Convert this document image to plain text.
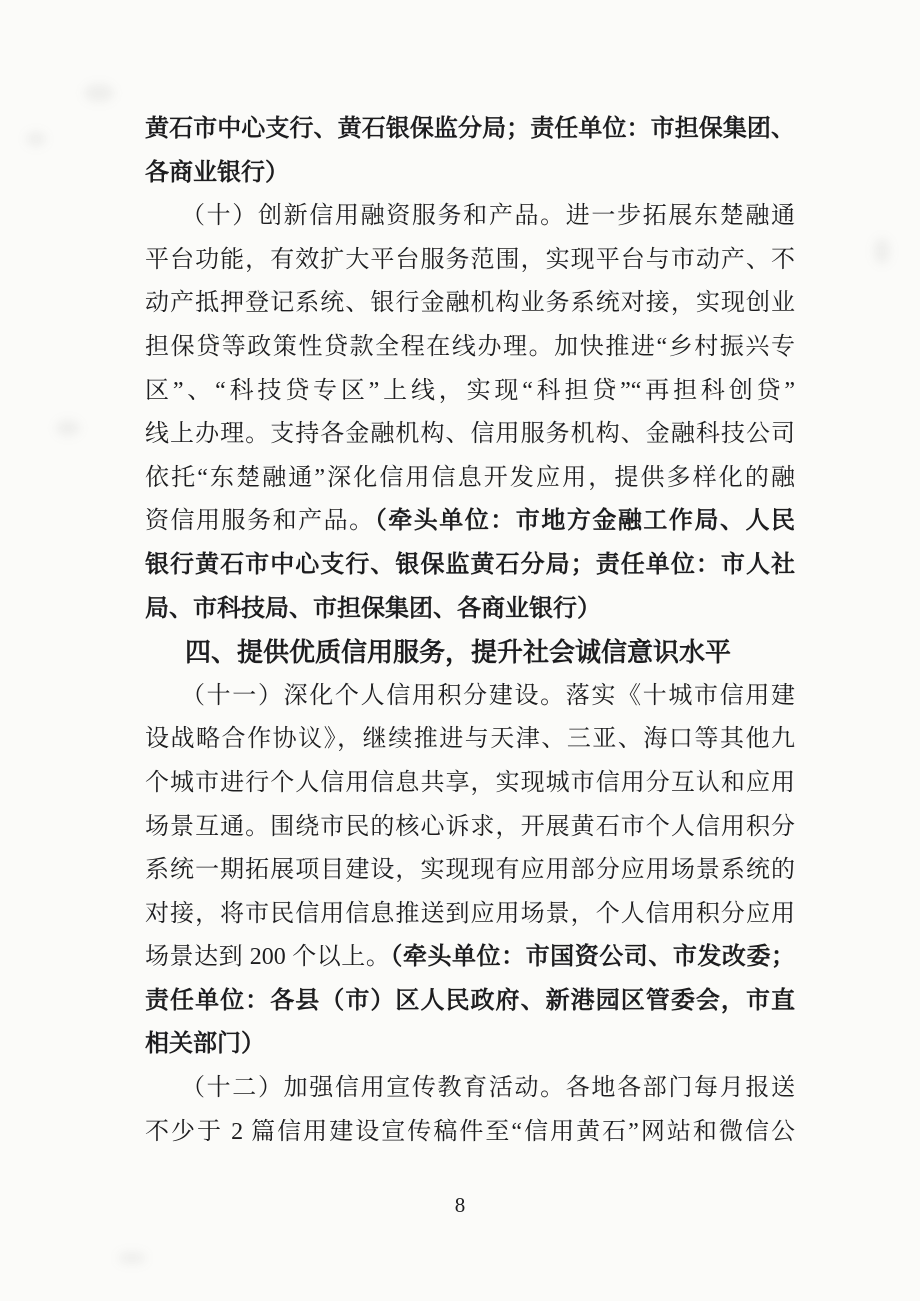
黄石市中心支行、黄石银保监分局；责任单位：市担保集团、
各商业银行）
（十）创新信用融资服务和产品。进一步拓展东楚融通
平台功能，有效扩大平台服务范围，实现平台与市动产、不
动产抵押登记系统、银行金融机构业务系统对接，实现创业
担保贷等政策性贷款全程在线办理。加快推进“乡村振兴专
区”、“科技贷专区”上线，实现“科担贷”“再担科创贷”
线上办理。支持各金融机构、信用服务机构、金融科技公司
依托“东楚融通”深化信用信息开发应用，提供多样化的融
资信用服务和产品。（牵头单位：市地方金融工作局、人民
银行黄石市中心支行、银保监黄石分局；责任单位：市人社
局、市科技局、市担保集团、各商业银行）
四、提供优质信用服务，提升社会诚信意识水平
（十一）深化个人信用积分建设。落实《十城市信用建
设战略合作协议》，继续推进与天津、三亚、海口等其他九
个城市进行个人信用信息共享，实现城市信用分互认和应用
场景互通。围绕市民的核心诉求，开展黄石市个人信用积分
系统一期拓展项目建设，实现现有应用部分应用场景系统的
对接，将市民信用信息推送到应用场景，个人信用积分应用
场景达到 200 个以上。（牵头单位：市国资公司、市发改委；
责任单位：各县（市）区人民政府、新港园区管委会，市直
相关部门）
（十二）加强信用宣传教育活动。各地各部门每月报送
不少于 2 篇信用建设宣传稿件至“信用黄石”网站和微信公
8
